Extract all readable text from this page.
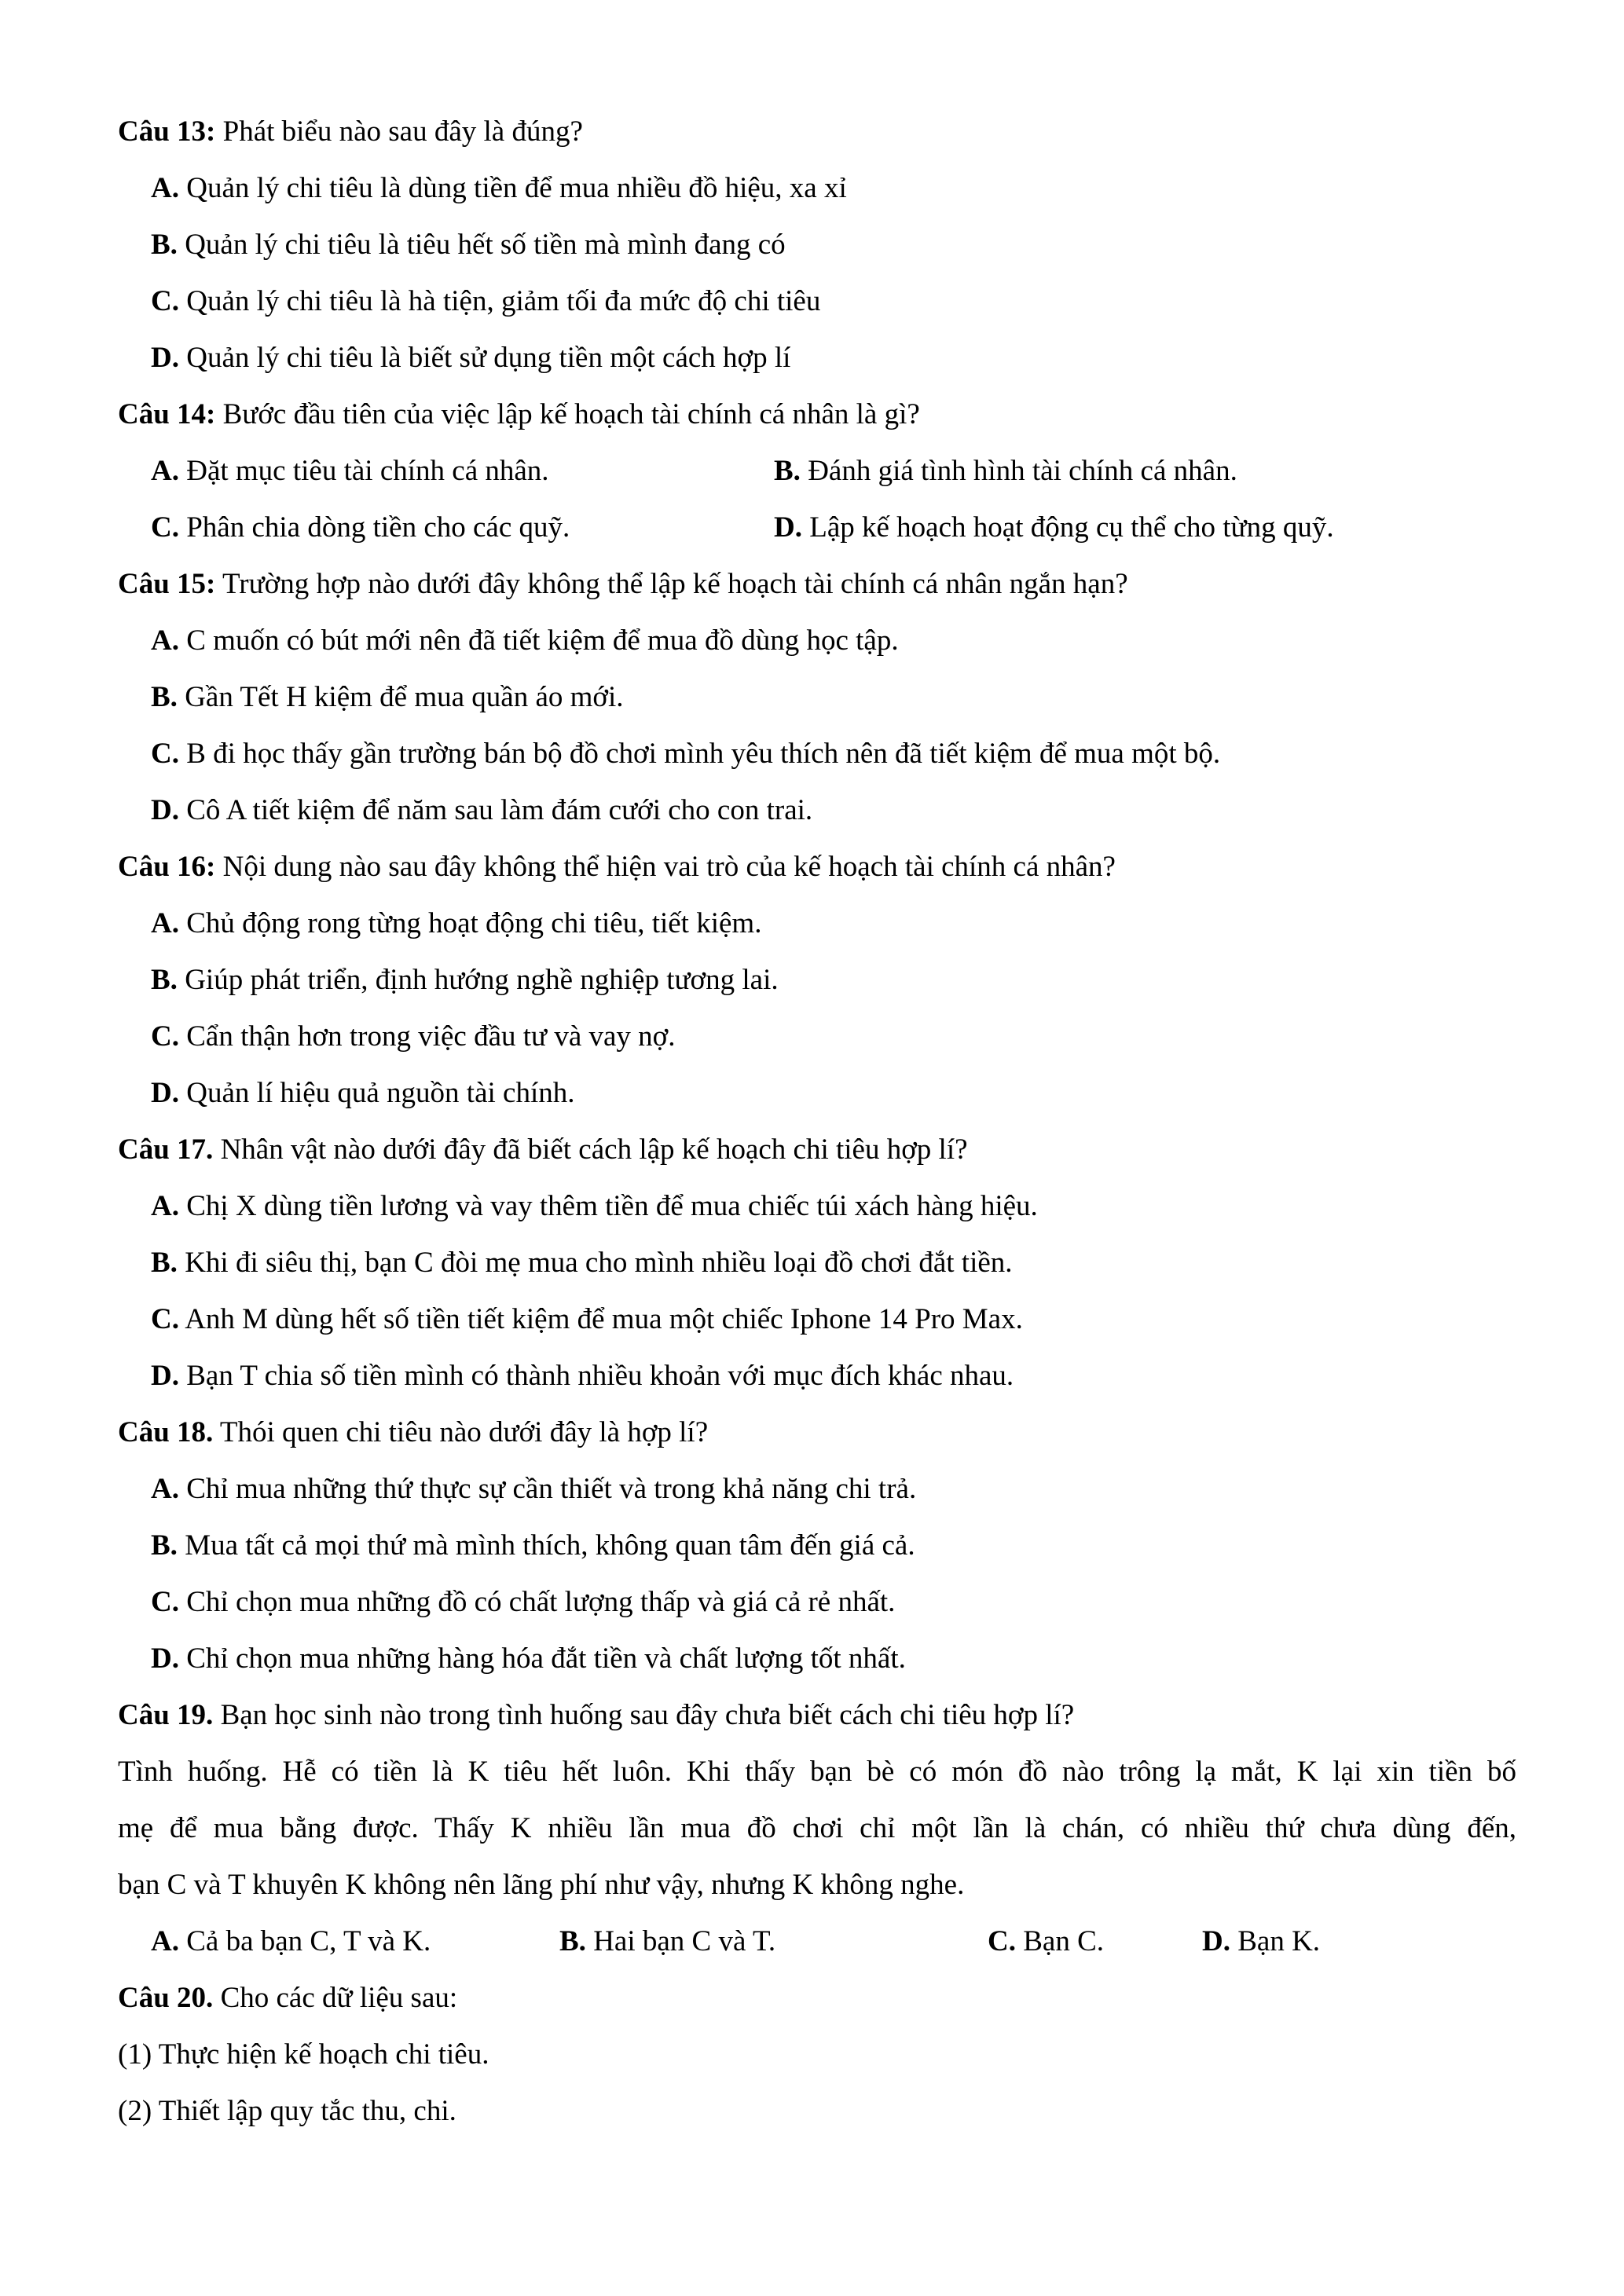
Câu 13: Phát biểu nào sau đây là đúng?
A. Quản lý chi tiêu là dùng tiền để mua nhiều đồ hiệu, xa xỉ
B. Quản lý chi tiêu là tiêu hết số tiền mà mình đang có
C. Quản lý chi tiêu là hà tiện, giảm tối đa mức độ chi tiêu
D. Quản lý chi tiêu là biết sử dụng tiền một cách hợp lí
Câu 14: Bước đầu tiên của việc lập kế hoạch tài chính cá nhân là gì?
A. Đặt mục tiêu tài chính cá nhân.	B. Đánh giá tình hình tài chính cá nhân.
C. Phân chia dòng tiền cho các quỹ.	D. Lập kế hoạch hoạt động cụ thể cho từng quỹ.
Câu 15: Trường hợp nào dưới đây không thể lập kế hoạch tài chính cá nhân ngắn hạn?
A. C muốn có bút mới nên đã tiết kiệm để mua đồ dùng học tập.
B. Gần Tết H kiệm để mua quần áo mới.
C. B đi học thấy gần trường bán bộ đồ chơi mình yêu thích nên đã tiết kiệm để mua một bộ.
D. Cô A tiết kiệm để năm sau làm đám cưới cho con trai.
Câu 16: Nội dung nào sau đây không thể hiện vai trò của kế hoạch tài chính cá nhân?
A. Chủ động rong từng hoạt động chi tiêu, tiết kiệm.
B. Giúp phát triển, định hướng nghề nghiệp tương lai.
C. Cẩn thận hơn trong việc đầu tư và vay nợ.
D. Quản lí hiệu quả nguồn tài chính.
Câu 17. Nhân vật nào dưới đây đã biết cách lập kế hoạch chi tiêu hợp lí?
A. Chị X dùng tiền lương và vay thêm tiền để mua chiếc túi xách hàng hiệu.
B. Khi đi siêu thị, bạn C đòi mẹ mua cho mình nhiều loại đồ chơi đắt tiền.
C. Anh M dùng hết số tiền tiết kiệm để mua một chiếc Iphone 14 Pro Max.
D. Bạn T chia số tiền mình có thành nhiều khoản với mục đích khác nhau.
Câu 18. Thói quen chi tiêu nào dưới đây là hợp lí?
A. Chỉ mua những thứ thực sự cần thiết và trong khả năng chi trả.
B. Mua tất cả mọi thứ mà mình thích, không quan tâm đến giá cả.
C. Chỉ chọn mua những đồ có chất lượng thấp và giá cả rẻ nhất.
D. Chỉ chọn mua những hàng hóa đắt tiền và chất lượng tốt nhất.
Câu 19. Bạn học sinh nào trong tình huống sau đây chưa biết cách chi tiêu hợp lí?
Tình huống. Hễ có tiền là K tiêu hết luôn. Khi thấy bạn bè có món đồ nào trông lạ mắt, K lại xin tiền bố
mẹ để mua bằng được. Thấy K nhiều lần mua đồ chơi chỉ một lần là chán, có nhiều thứ chưa dùng đến,
bạn C và T khuyên K không nên lãng phí như vậy, nhưng K không nghe.
A. Cả ba bạn C, T và K.	B. Hai bạn C và T.	C. Bạn C.	D. Bạn K.
Câu 20. Cho các dữ liệu sau:
(1) Thực hiện kế hoạch chi tiêu.
(2) Thiết lập quy tắc thu, chi.
